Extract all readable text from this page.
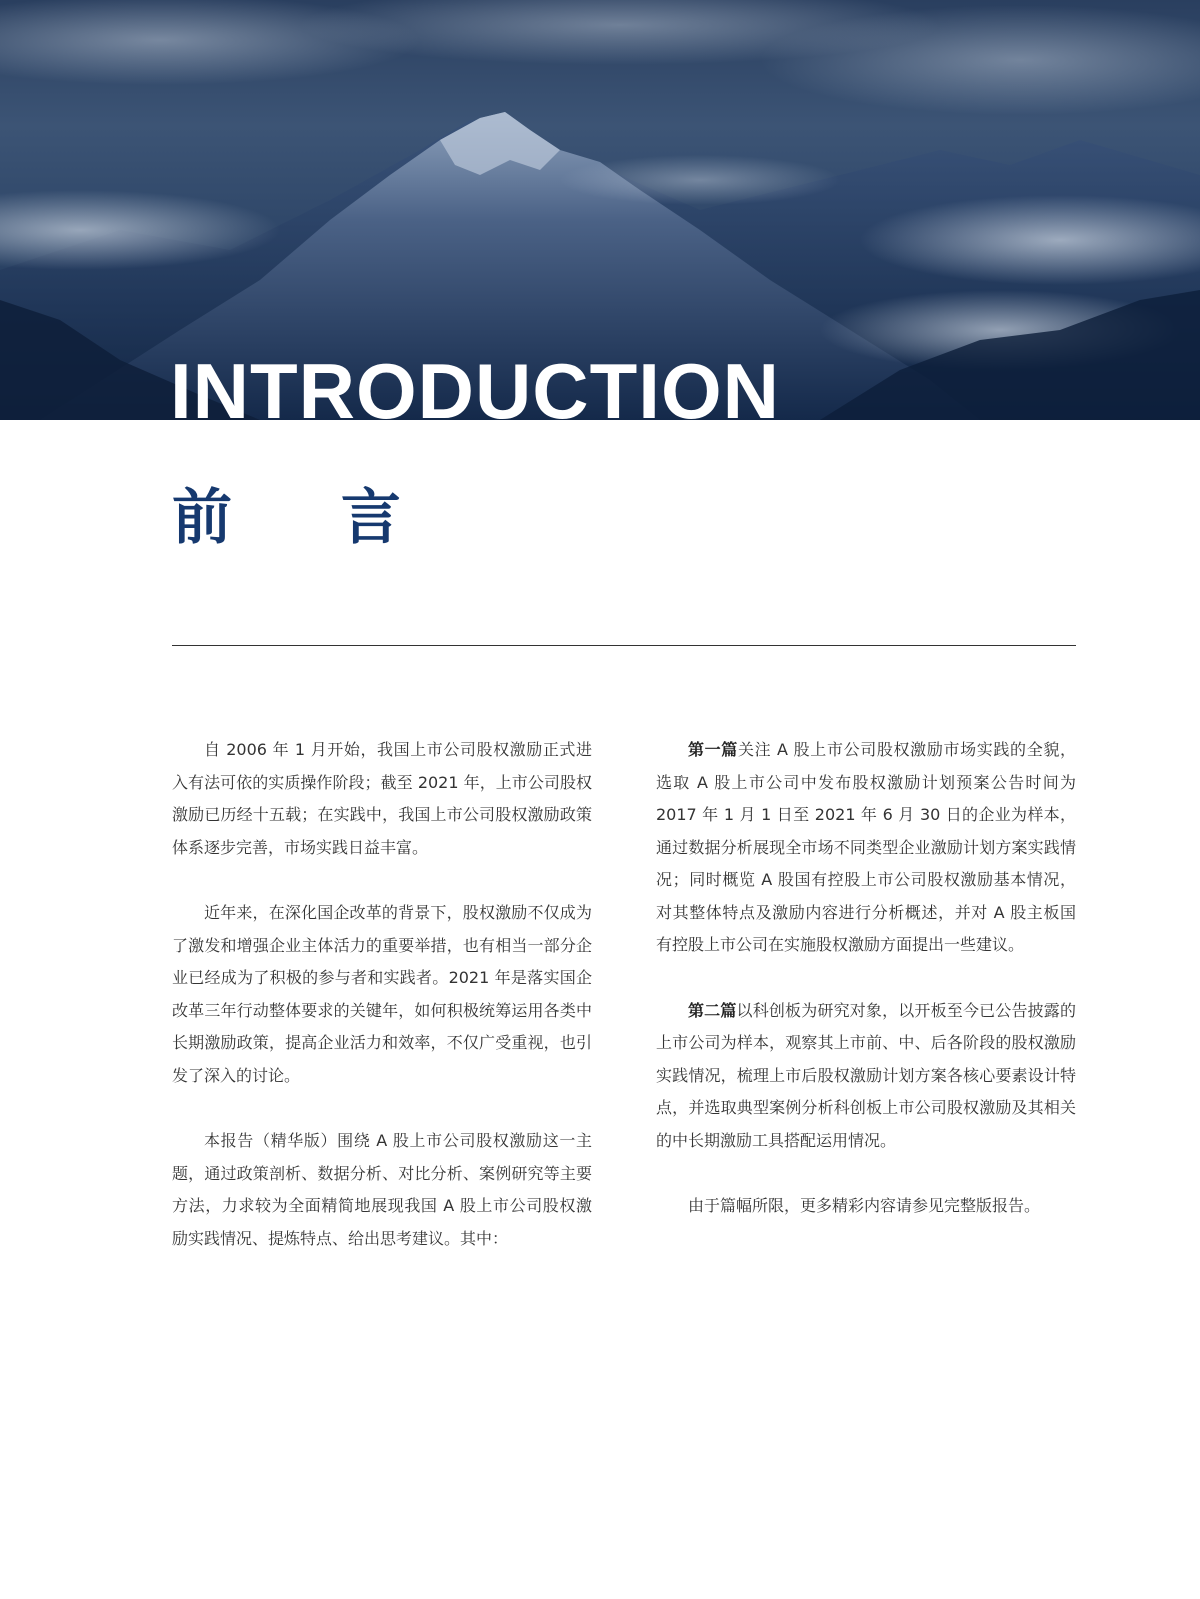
INTRODUCTION
前 言

自 2006 年 1 月开始，我国上市公司股权激励正式进入有法可依的实质操作阶段；截至 2021 年，上市公司股权激励已历经十五载；在实践中，我国上市公司股权激励政策体系逐步完善，市场实践日益丰富。

近年来，在深化国企改革的背景下，股权激励不仅成为了激发和增强企业主体活力的重要举措，也有相当一部分企业已经成为了积极的参与者和实践者。2021 年是落实国企改革三年行动整体要求的关键年，如何积极统筹运用各类中长期激励政策，提高企业活力和效率，不仅广受重视，也引发了深入的讨论。

本报告（精华版）围绕 A 股上市公司股权激励这一主题，通过政策剖析、数据分析、对比分析、案例研究等主要方法，力求较为全面精简地展现我国 A 股上市公司股权激励实践情况、提炼特点、给出思考建议。其中：

第一篇关注 A 股上市公司股权激励市场实践的全貌，选取 A 股上市公司中发布股权激励计划预案公告时间为 2017 年 1 月 1 日至 2021 年 6 月 30 日的企业为样本，通过数据分析展现全市场不同类型企业激励计划方案实践情况；同时概览 A 股国有控股上市公司股权激励基本情况，对其整体特点及激励内容进行分析概述，并对 A 股主板国有控股上市公司在实施股权激励方面提出一些建议。

第二篇以科创板为研究对象，以开板至今已公告披露的上市公司为样本，观察其上市前、中、后各阶段的股权激励实践情况，梳理上市后股权激励计划方案各核心要素设计特点，并选取典型案例分析科创板上市公司股权激励及其相关的中长期激励工具搭配运用情况。

由于篇幅所限，更多精彩内容请参见完整版报告。
